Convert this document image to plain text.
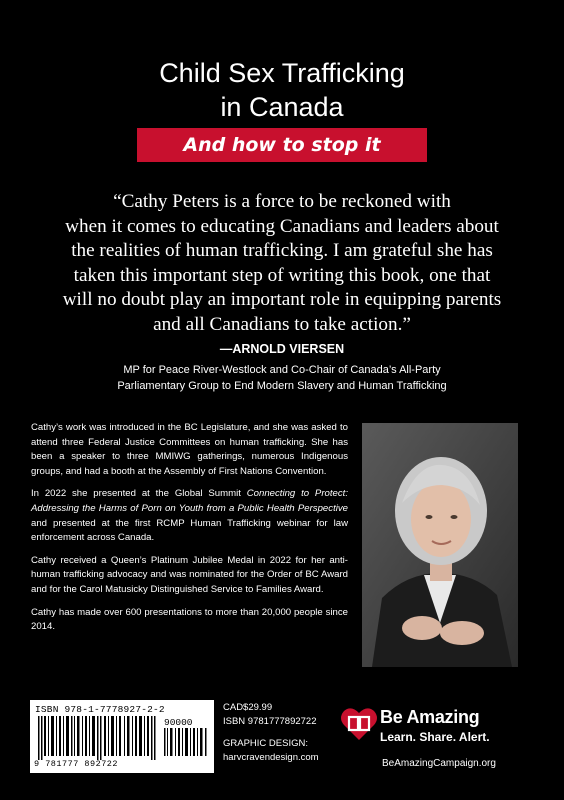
Child Sex Trafficking
in Canada
And how to stop it
“Cathy Peters is a force to be reckoned with
when it comes to educating Canadians and leaders about
the realities of human trafficking. I am grateful she has
taken this important step of writing this book, one that
will no doubt play an important role in equipping parents
and all Canadians to take action.”
—ARNOLD VIERSEN
MP for Peace River-Westlock and Co-Chair of Canada’s All-Party
Parliamentary Group to End Modern Slavery and Human Trafficking

Cathy’s work was introduced in the BC Legislature, and she was asked to attend three Federal Justice Committees on human trafficking. She has been a speaker to three MMIWG gatherings, numerous Indigenous groups, and had a booth at the Assembly of First Nations Convention.

In 2022 she presented at the Global Summit Connecting to Protect: Addressing the Harms of Porn on Youth from a Public Health Perspective and presented at the first RCMP Human Trafficking webinar for law enforcement across Canada.

Cathy received a Queen’s Platinum Jubilee Medal in 2022 for her anti-human trafficking advocacy and was nominated for the Order of BC Award and for the Carol Matusicky Distinguished Service to Families Award.

Cathy has made over 600 presentations to more than 20,000 people since 2014.

ISBN 978-1-7778927-2-2
90000
9 781777 892722
CAD$29.99
ISBN 9781777892722
GRAPHIC DESIGN:
harvcravendesign.com
Be Amazing
Learn. Share. Alert.
BeAmazingCampaign.org
